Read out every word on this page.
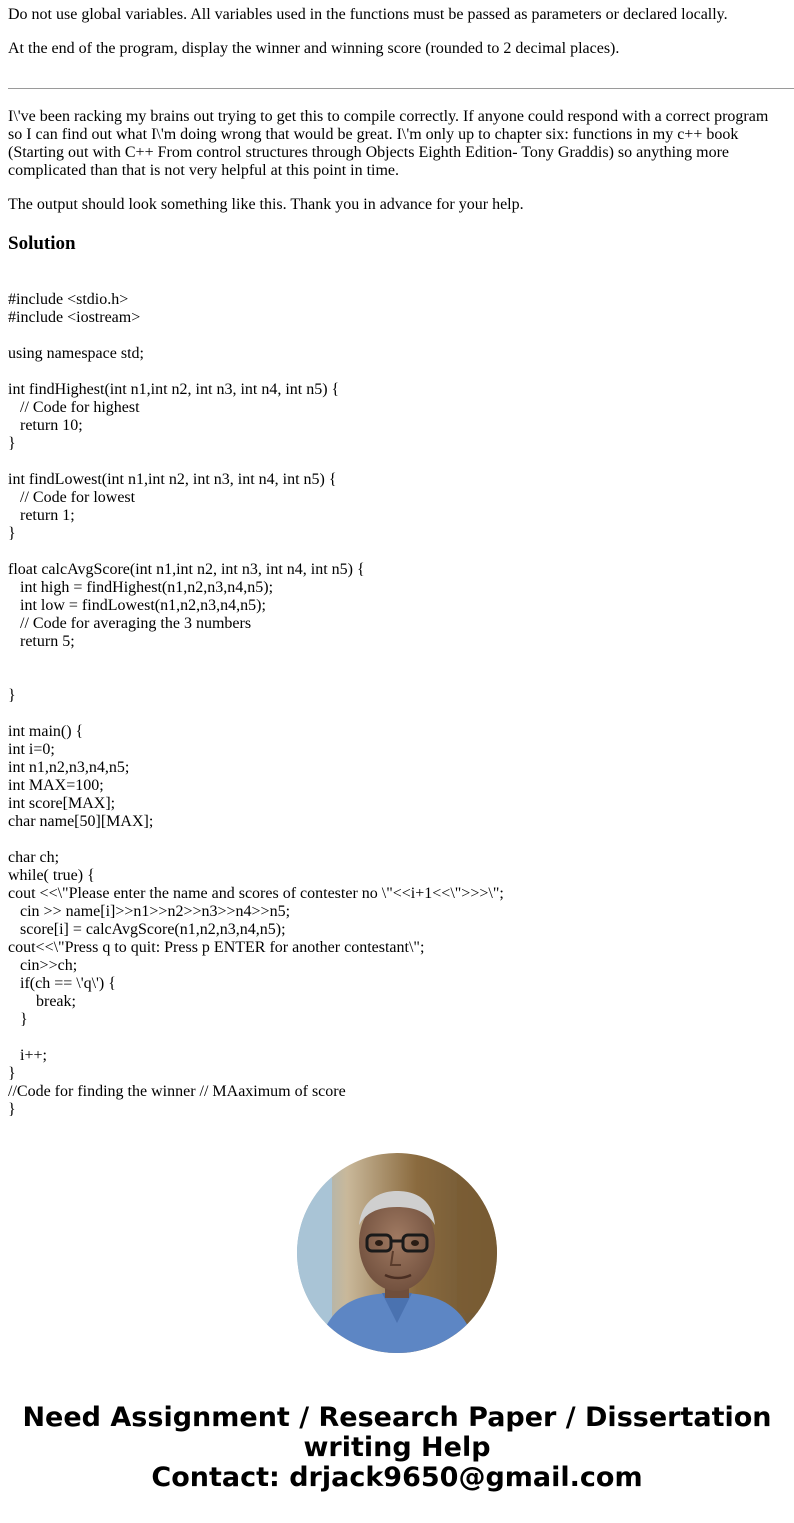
Do not use global variables. All variables used in the functions must be passed as parameters or declared locally.

At the end of the program, display the winner and winning score (rounded to 2 decimal places).

I\'ve been racking my brains out trying to get this to compile correctly. If anyone could respond with a correct program so I can find out what I\'m doing wrong that would be great. I\'m only up to chapter six: functions in my c++ book (Starting out with C++ From control structures through Objects Eighth Edition- Tony Graddis) so anything more complicated than that is not very helpful at this point in time.

The output should look something like this. Thank you in advance for your help.

Solution
#include <stdio.h>
#include <iostream>

using namespace std;

int findHighest(int n1,int n2, int n3, int n4, int n5) {
// Code for highest
return 10;
}

int findLowest(int n1,int n2, int n3, int n4, int n5) {
// Code for lowest
return 1;
}

float calcAvgScore(int n1,int n2, int n3, int n4, int n5) {
int high = findHighest(n1,n2,n3,n4,n5);
int low = findLowest(n1,n2,n3,n4,n5);
// Code for averaging the 3 numbers
return 5;

}

int main() {
int i=0;
int n1,n2,n3,n4,n5;
int MAX=100;
int score[MAX];
char name[50][MAX];

char ch;
while( true) {
cout <<\"Please enter the name and scores of contester no \"<<i+1<<\">>>\";
cin >> name[i]>>n1>>n2>>n3>>n4>>n5;
score[i] = calcAvgScore(n1,n2,n3,n4,n5);
cout<<\"Press q to quit: Press p ENTER for another contestant\";
cin>>ch;
if(ch == \'q\') {
break;
}

i++;
}
//Code for finding the winner // MAaximum of score
}
Need Assignment / Research Paper / Dissertation
writing Help
Contact: drjack9650@gmail.com
